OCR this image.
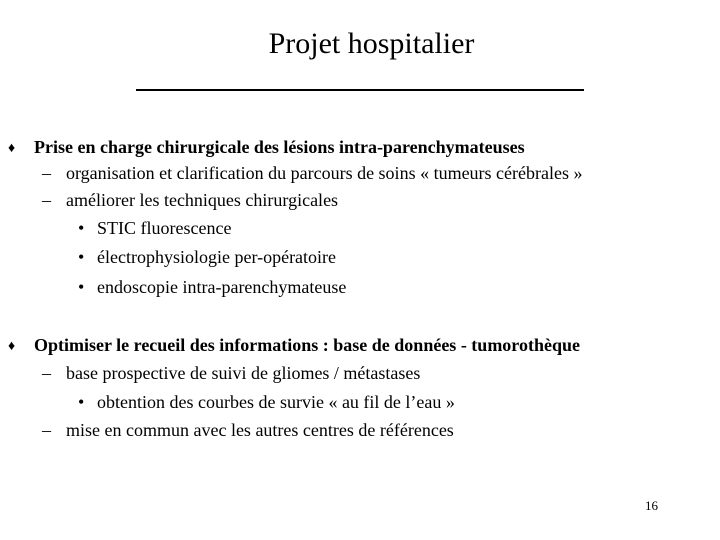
Projet hospitalier
♦ Prise en charge chirurgicale des lésions intra-parenchymateuses
– organisation et clarification du parcours de soins « tumeurs cérébrales »
– améliorer les techniques chirurgicales
• STIC fluorescence
• électrophysiologie per-opératoire
• endoscopie intra-parenchymateuse
♦ Optimiser le recueil des informations : base de données - tumorothèque
– base prospective de suivi de gliomes / métastases
• obtention des courbes de survie « au fil de l’eau »
– mise en commun avec les autres centres de références
16
